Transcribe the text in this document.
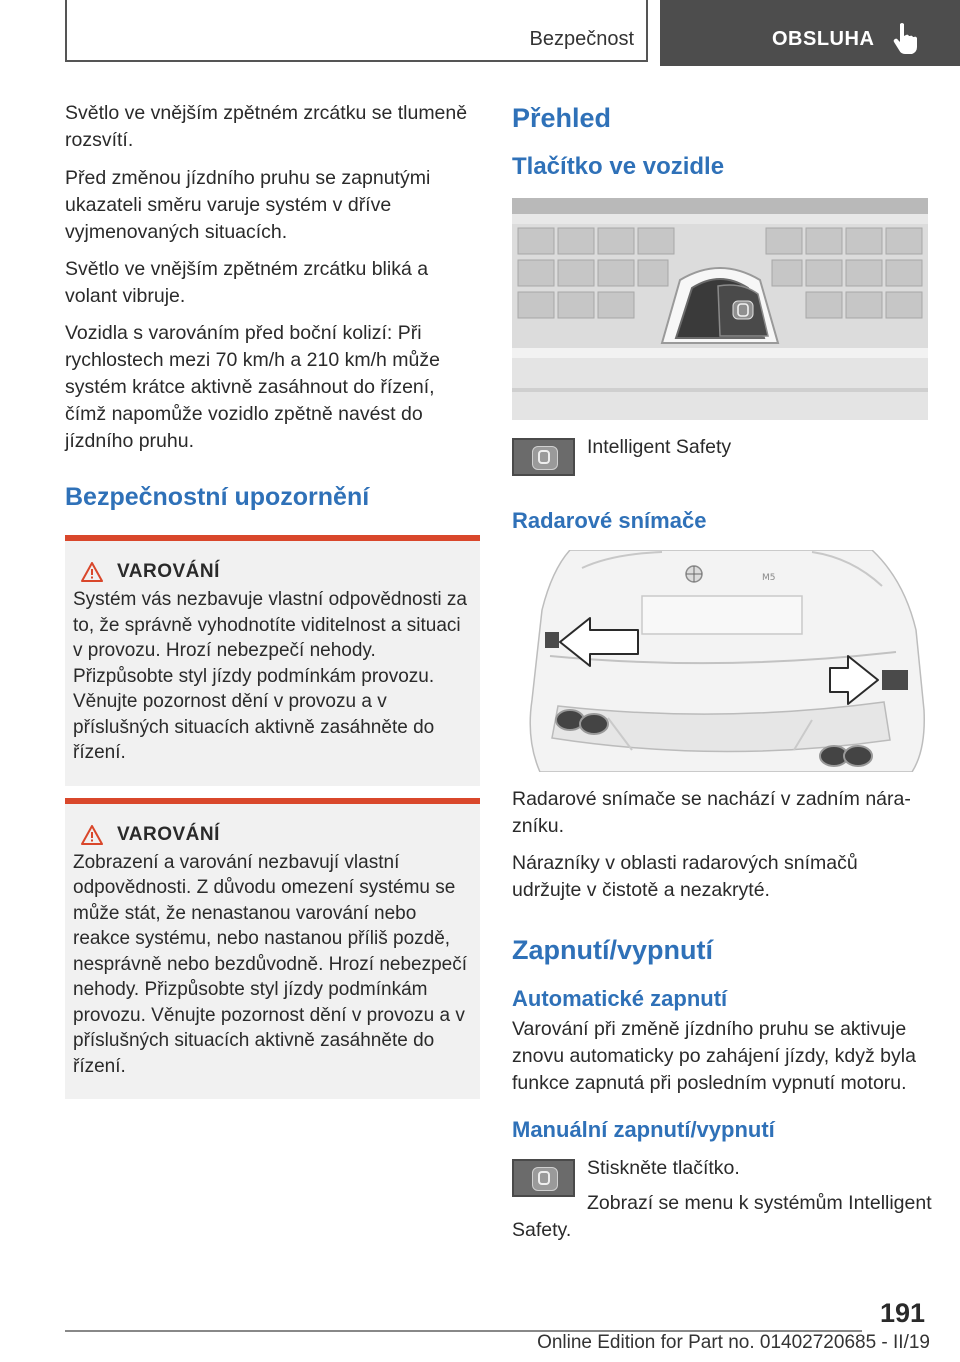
Bezpečnost	OBSLUHA

Světlo ve vnějším zpětném zrcátku se tlumeně rozsvítí.

Před změnou jízdního pruhu se zapnutými ukazateli směru varuje systém v dříve vyjmenovaných situacích.

Světlo ve vnějším zpětném zrcátku bliká a volant vibruje.

Vozidla s varováním před boční kolizí: Při rychlostech mezi 70 km/h a 210 km/h může systém krátce aktivně zasáhnout do řízení, čímž napomůže vozidlo zpětně navést do jízdního pruhu.

Bezpečnostní upozornění
VAROVÁNÍ

Systém vás nezbavuje vlastní odpovědnosti za to, že správně vyhodnotíte viditelnost a situaci v provozu. Hrozí nebezpečí nehody. Přizpůsobte styl jízdy podmínkám provozu. Věnujte pozornost dění v provozu a v příslušných situacích aktivně zasáhněte do řízení.

VAROVÁNÍ

Zobrazení a varování nezbavují vlastní odpovědnosti. Z důvodu omezení systému se může stát, že nenastanou varování nebo reakce systému, nebo nastanou příliš pozdě, nesprávně nebo bezdůvodně. Hrozí nebezpečí nehody. Přizpůsobte styl jízdy podmínkám provozu. Věnujte pozornost dění v provozu a v příslušných situacích aktivně zasáhněte do řízení.

Přehled
Tlačítko ve vozidle

Intelligent Safety

Radarové snímače
M5

Radarové snímače se nachází v zadním nárazníku.

Nárazníky v oblasti radarových snímačů udržujte v čistotě a nezakryté.

Zapnutí/vypnutí
Automatické zapnutí

Varování při změně jízdního pruhu se aktivuje znovu automaticky po zahájení jízdy, když byla funkce zapnutá při posledním vypnutí motoru.

Manuální zapnutí/vypnutí

Stiskněte tlačítko.

Zobrazí se menu k systémům Intelligent Safety.

191
Online Edition for Part no. 01402720685 - II/19
